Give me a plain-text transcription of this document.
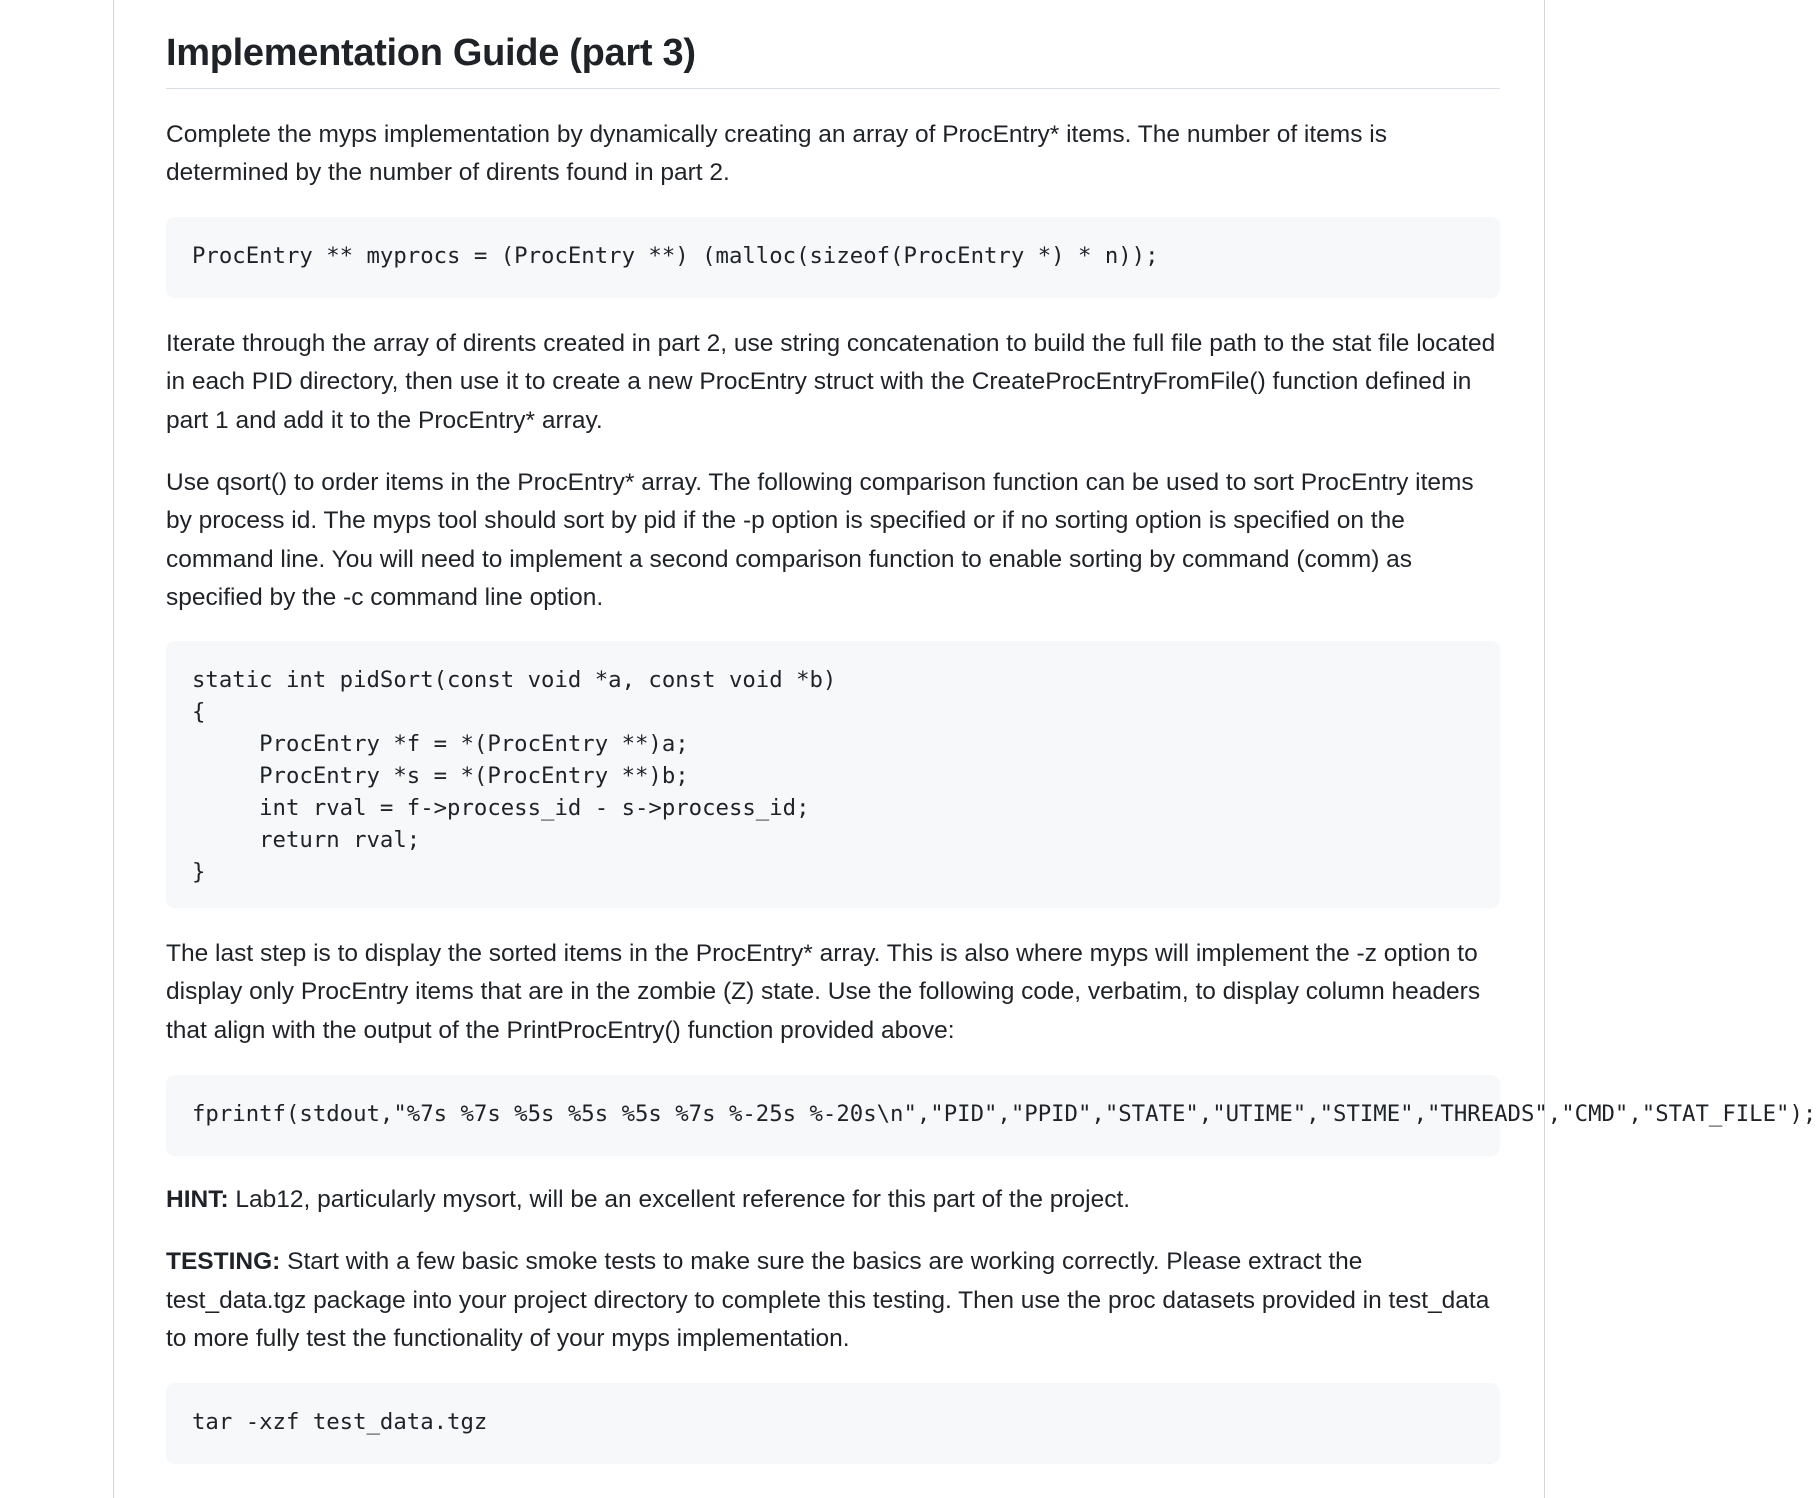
Implementation Guide (part 3)

Complete the myps implementation by dynamically creating an array of ProcEntry* items. The number of items is determined by the number of dirents found in part 2.

ProcEntry ** myprocs = (ProcEntry **) (malloc(sizeof(ProcEntry *) * n));

Iterate through the array of dirents created in part 2, use string concatenation to build the full file path to the stat file located in each PID directory, then use it to create a new ProcEntry struct with the CreateProcEntryFromFile() function defined in part 1 and add it to the ProcEntry* array.

Use qsort() to order items in the ProcEntry* array. The following comparison function can be used to sort ProcEntry items by process id. The myps tool should sort by pid if the -p option is specified or if no sorting option is specified on the command line. You will need to implement a second comparison function to enable sorting by command (comm) as specified by the -c command line option.

static int pidSort(const void *a, const void *b)
{
ProcEntry *f = *(ProcEntry **)a;
ProcEntry *s = *(ProcEntry **)b;
int rval = f->process_id - s->process_id;
return rval;
}

The last step is to display the sorted items in the ProcEntry* array. This is also where myps will implement the -z option to display only ProcEntry items that are in the zombie (Z) state. Use the following code, verbatim, to display column headers that align with the output of the PrintProcEntry() function provided above:

fprintf(stdout,"%7s %7s %5s %5s %5s %7s %-25s %-20s\n","PID","PPID","STATE","UTIME","STIME","THREADS","CMD","STAT_FILE");

HINT: Lab12, particularly mysort, will be an excellent reference for this part of the project.

TESTING: Start with a few basic smoke tests to make sure the basics are working correctly. Please extract the test_data.tgz package into your project directory to complete this testing. Then use the proc datasets provided in test_data to more fully test the functionality of your myps implementation.

tar -xzf test_data.tgz
